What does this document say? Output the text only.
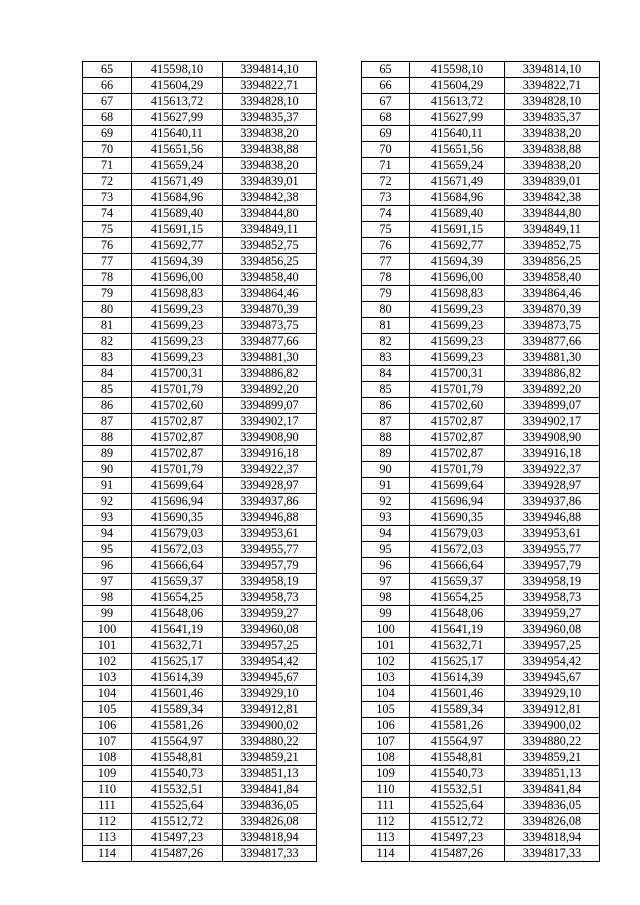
65	415598,10	3394814,10		65	415598,10	3394814,10
66	415604,29	3394822,71		66	415604,29	3394822,71
67	415613,72	3394828,10		67	415613,72	3394828,10
68	415627,99	3394835,37		68	415627,99	3394835,37
69	415640,11	3394838,20		69	415640,11	3394838,20
70	415651,56	3394838,88		70	415651,56	3394838,88
71	415659,24	3394838,20		71	415659,24	3394838,20
72	415671,49	3394839,01		72	415671,49	3394839,01
73	415684,96	3394842,38		73	415684,96	3394842,38
74	415689,40	3394844,80		74	415689,40	3394844,80
75	415691,15	3394849,11		75	415691,15	3394849,11
76	415692,77	3394852,75		76	415692,77	3394852,75
77	415694,39	3394856,25		77	415694,39	3394856,25
78	415696,00	3394858,40		78	415696,00	3394858,40
79	415698,83	3394864,46		79	415698,83	3394864,46
80	415699,23	3394870,39		80	415699,23	3394870,39
81	415699,23	3394873,75		81	415699,23	3394873,75
82	415699,23	3394877,66		82	415699,23	3394877,66
83	415699,23	3394881,30		83	415699,23	3394881,30
84	415700,31	3394886,82		84	415700,31	3394886,82
85	415701,79	3394892,20		85	415701,79	3394892,20
86	415702,60	3394899,07		86	415702,60	3394899,07
87	415702,87	3394902,17		87	415702,87	3394902,17
88	415702,87	3394908,90		88	415702,87	3394908,90
89	415702,87	3394916,18		89	415702,87	3394916,18
90	415701,79	3394922,37		90	415701,79	3394922,37
91	415699,64	3394928,97		91	415699,64	3394928,97
92	415696,94	3394937,86		92	415696,94	3394937,86
93	415690,35	3394946,88		93	415690,35	3394946,88
94	415679,03	3394953,61		94	415679,03	3394953,61
95	415672,03	3394955,77		95	415672,03	3394955,77
96	415666,64	3394957,79		96	415666,64	3394957,79
97	415659,37	3394958,19		97	415659,37	3394958,19
98	415654,25	3394958,73		98	415654,25	3394958,73
99	415648,06	3394959,27		99	415648,06	3394959,27
100	415641,19	3394960,08		100	415641,19	3394960,08
101	415632,71	3394957,25		101	415632,71	3394957,25
102	415625,17	3394954,42		102	415625,17	3394954,42
103	415614,39	3394945,67		103	415614,39	3394945,67
104	415601,46	3394929,10		104	415601,46	3394929,10
105	415589,34	3394912,81		105	415589,34	3394912,81
106	415581,26	3394900,02		106	415581,26	3394900,02
107	415564,97	3394880,22		107	415564,97	3394880,22
108	415548,81	3394859,21		108	415548,81	3394859,21
109	415540,73	3394851,13		109	415540,73	3394851,13
110	415532,51	3394841,84		110	415532,51	3394841,84
111	415525,64	3394836,05		111	415525,64	3394836,05
112	415512,72	3394826,08		112	415512,72	3394826,08
113	415497,23	3394818,94		113	415497,23	3394818,94
114	415487,26	3394817,33		114	415487,26	3394817,33
